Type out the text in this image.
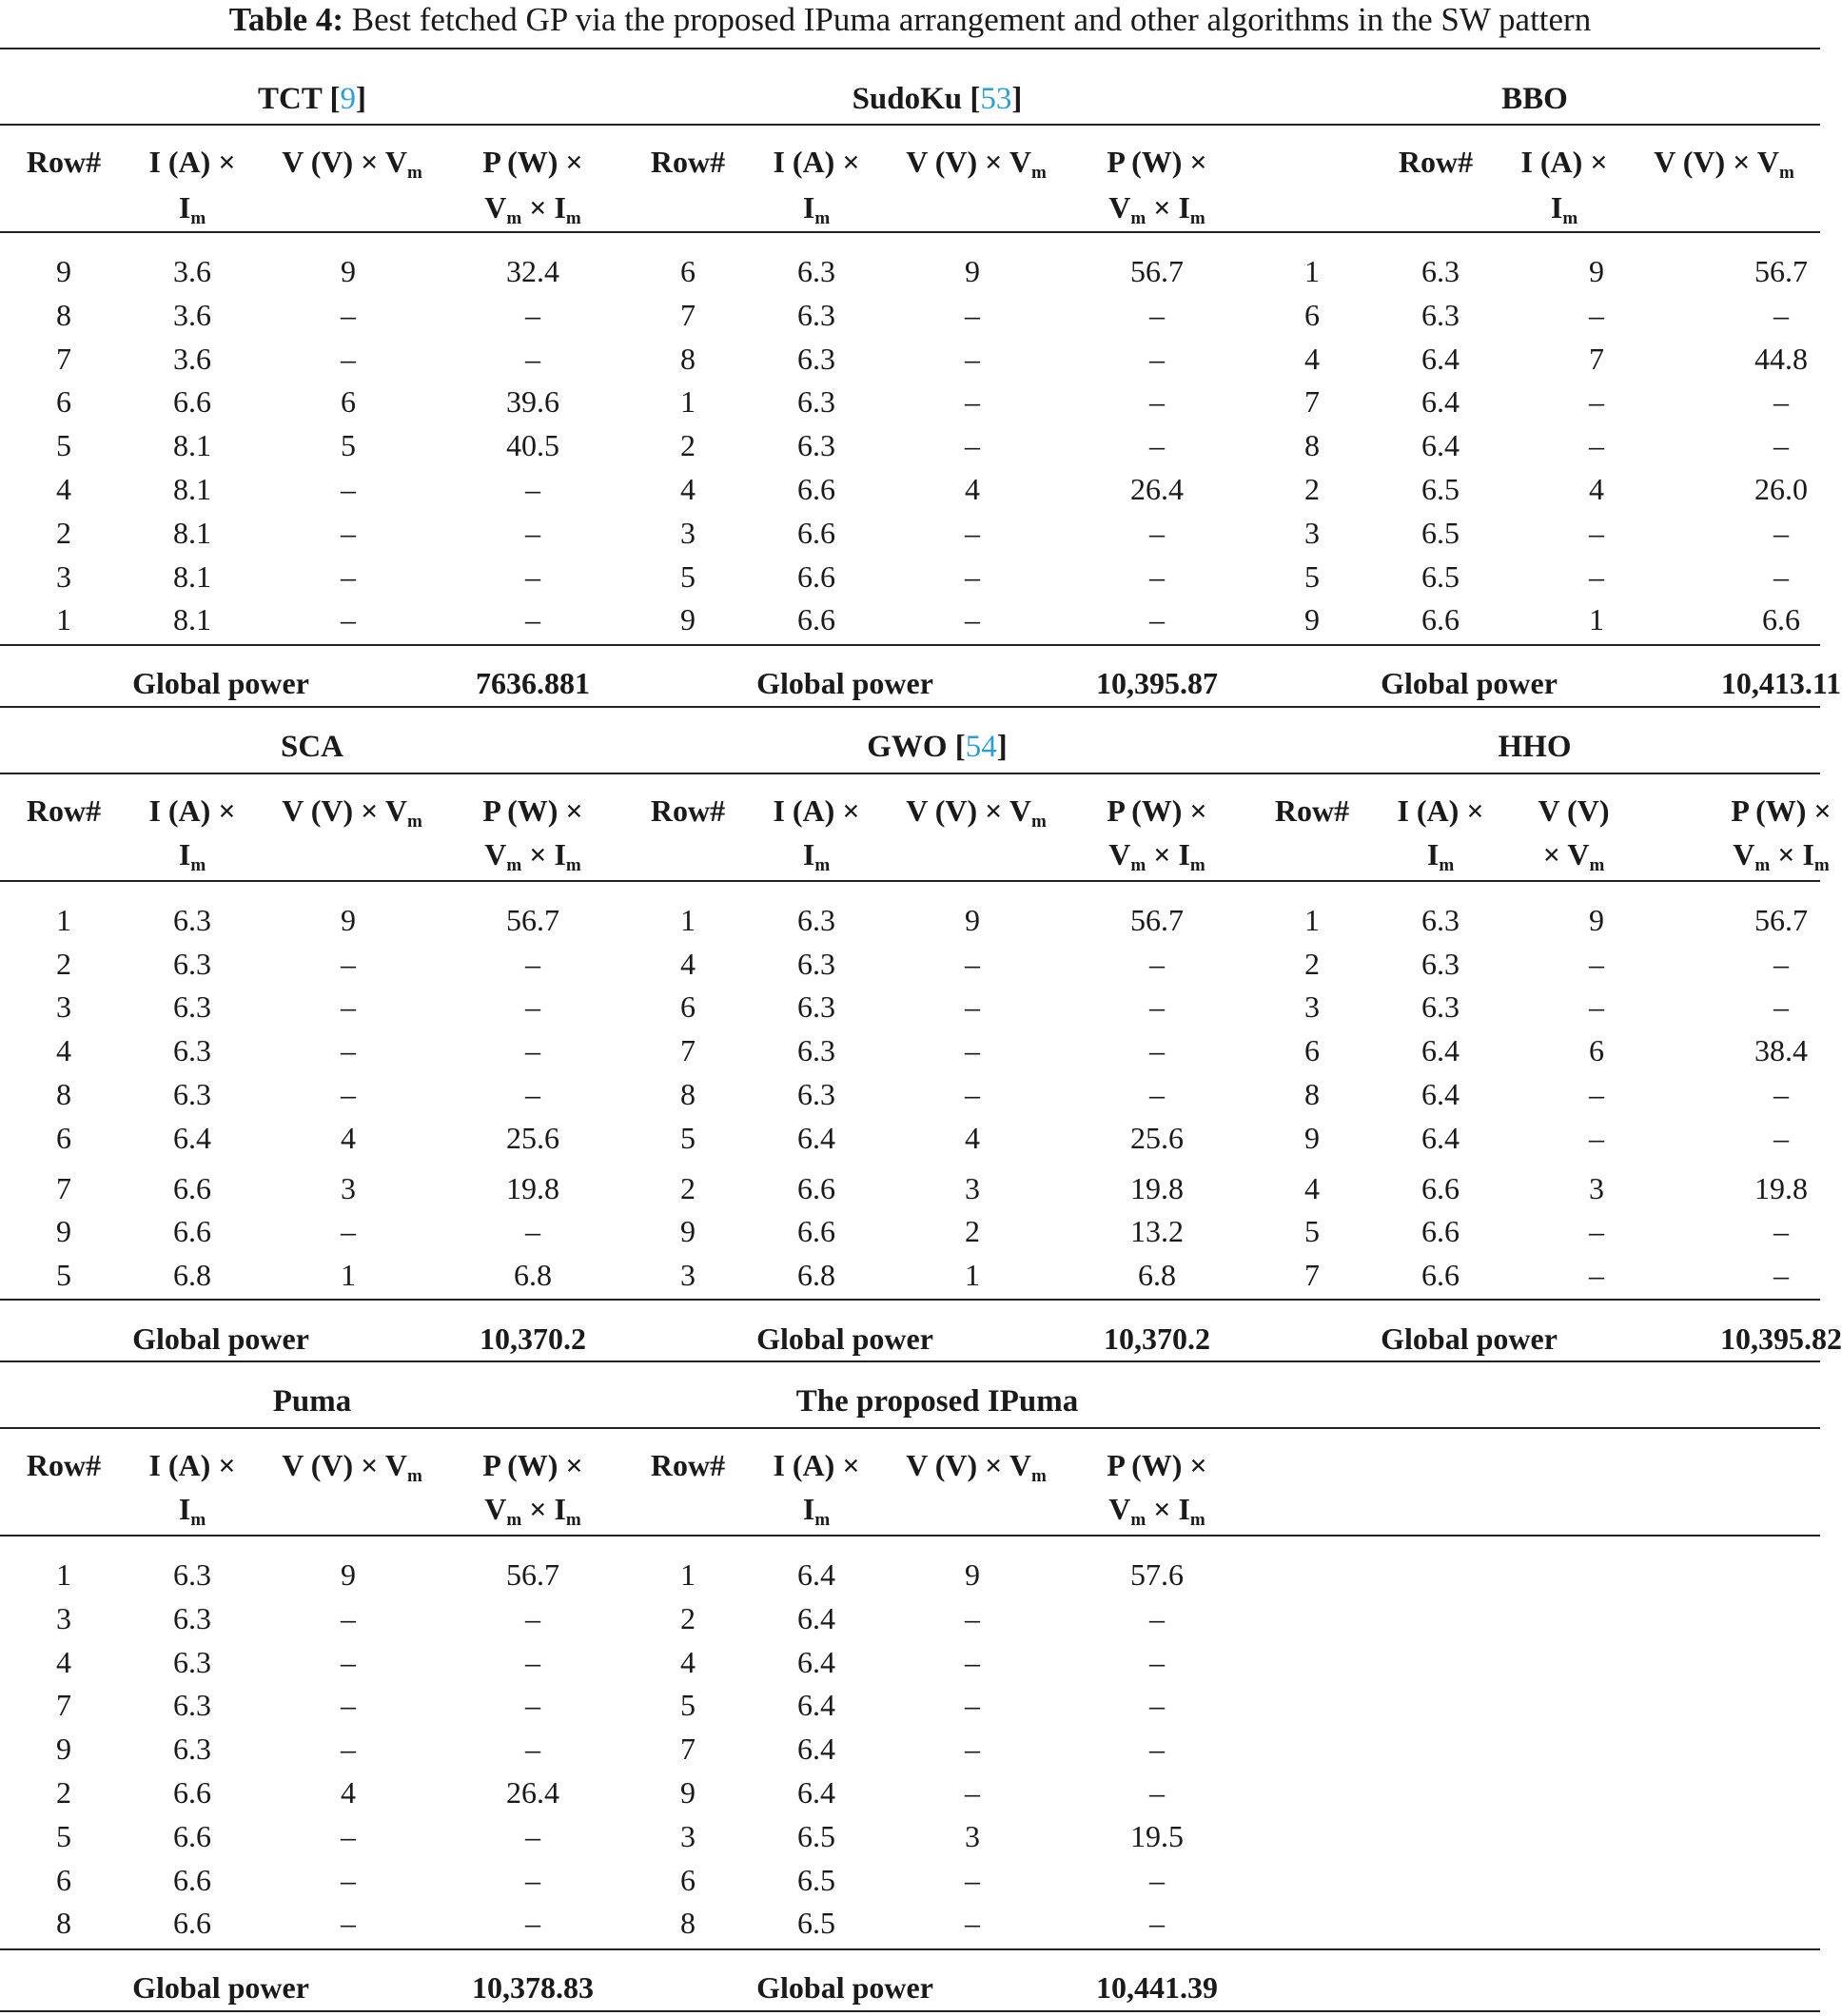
Table 4: Best fetched GP via the proposed IPuma arrangement and other algorithms in the SW pattern
TCT [9]
Row# I (A) ×
Im
V (V) × Vm P (W) ×
Vm × Im
9	3.6	9	32.4
8	3.6	–	–
7	3.6	–	–
6	6.6	6	39.6
5	8.1	5	40.5
4	8.1	–	–
2	8.1	–	–
3	8.1	–	–
1	8.1	–	–
Global power	7636.881
SudoKu [53]
Row# I (A) ×
Im
V (V) × Vm P (W) ×
Vm × Im
6	6.3	9	56.7
7	6.3	–	–
8	6.3	–	–
1	6.3	–	–
2	6.3	–	–
4	6.6	4	26.4
3	6.6	–	–
5	6.6	–	–
9	6.6	–	–
Global power	10,395.87
BBO
Row# I (A) ×
Im
V (V) × Vm
1	6.3	9	56.7
6	6.3	–	–
4	6.4	7	44.8
7	6.4	–	–
8	6.4	–	–
2	6.5	4	26.0
3	6.5	–	–
5	6.5	–	–
9	6.6	1	6.6
Global power	10,413.11
SCA
Row# I (A) ×
Im
V (V) × Vm P (W) ×
Vm × Im
1	6.3	9	56.7
2	6.3	–	–
3	6.3	–	–
4	6.3	–	–
8	6.3	–	–
6	6.4	4	25.6
7	6.6	3	19.8
9	6.6	–	–
5	6.8	1	6.8
Global power	10,370.2
GWO [54]
Row# I (A) ×
Im
V (V) × Vm P (W) ×
Vm × Im
1	6.3	9	56.7
4	6.3	–	–
6	6.3	–	–
7	6.3	–	–
8	6.3	–	–
5	6.4	4	25.6
2	6.6	3	19.8
9	6.6	2	13.2
3	6.8	1	6.8
Global power	10,370.2
HHO
Row# I (A) ×
Im
V (V)
× Vm
P (W) ×
Vm × Im
1	6.3	9	56.7
2	6.3	–	–
3	6.3	–	–
6	6.4	6	38.4
8	6.4	–	–
9	6.4	–	–
4	6.6	3	19.8
5	6.6	–	–
7	6.6	–	–
Global power	10,395.82
Puma
Row# I (A) ×
Im
V (V) × Vm P (W) ×
Vm × Im
1	6.3	9	56.7
3	6.3	–	–
4	6.3	–	–
7	6.3	–	–
9	6.3	–	–
2	6.6	4	26.4
5	6.6	–	–
6	6.6	–	–
8	6.6	–	–
Global power	10,378.83
The proposed IPuma
Row# I (A) ×
Im
V (V) × Vm P (W) ×
Vm × Im
1	6.4	9	57.6
2	6.4	–	–
4	6.4	–	–
5	6.4	–	–
7	6.4	–	–
9	6.4	–	–
3	6.5	3	19.5
6	6.5	–	–
8	6.5	–	–
Global power	10,441.39
